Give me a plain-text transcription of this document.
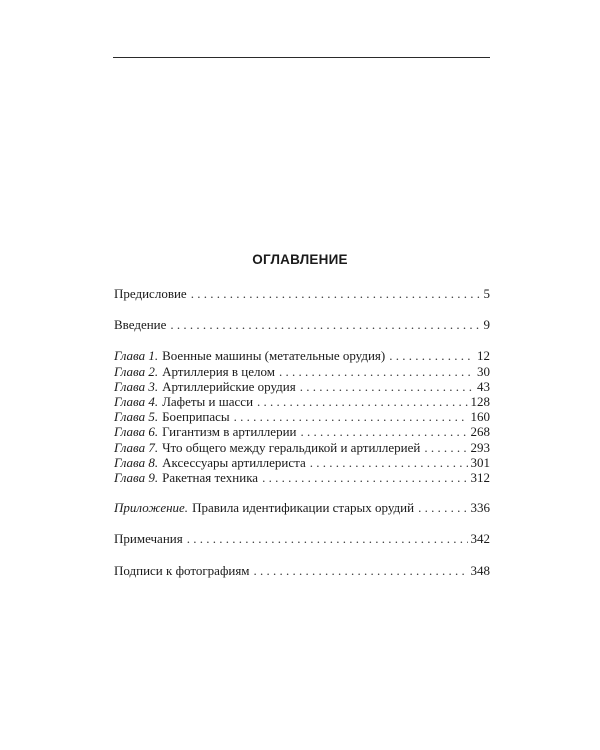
ОГЛАВЛЕНИЕ
Предисловие . . .	5
Введение . . .	9
Глава 1. Военные машины (метательные орудия) . . .	12
Глава 2. Артиллерия в целом . . .	30
Глава 3. Артиллерийские орудия . . .	43
Глава 4. Лафеты и шасси . . .	128
Глава 5. Боеприпасы . . .	160
Глава 6. Гигантизм в артиллерии . . .	268
Глава 7. Что общего между геральдикой и артиллерией . . .	293
Глава 8. Аксессуары артиллериста . . .	301
Глава 9. Ракетная техника . . .	312
Приложение. Правила идентификации старых орудий . . .	336
Примечания . . .	342
Подписи к фотографиям . . .	348
